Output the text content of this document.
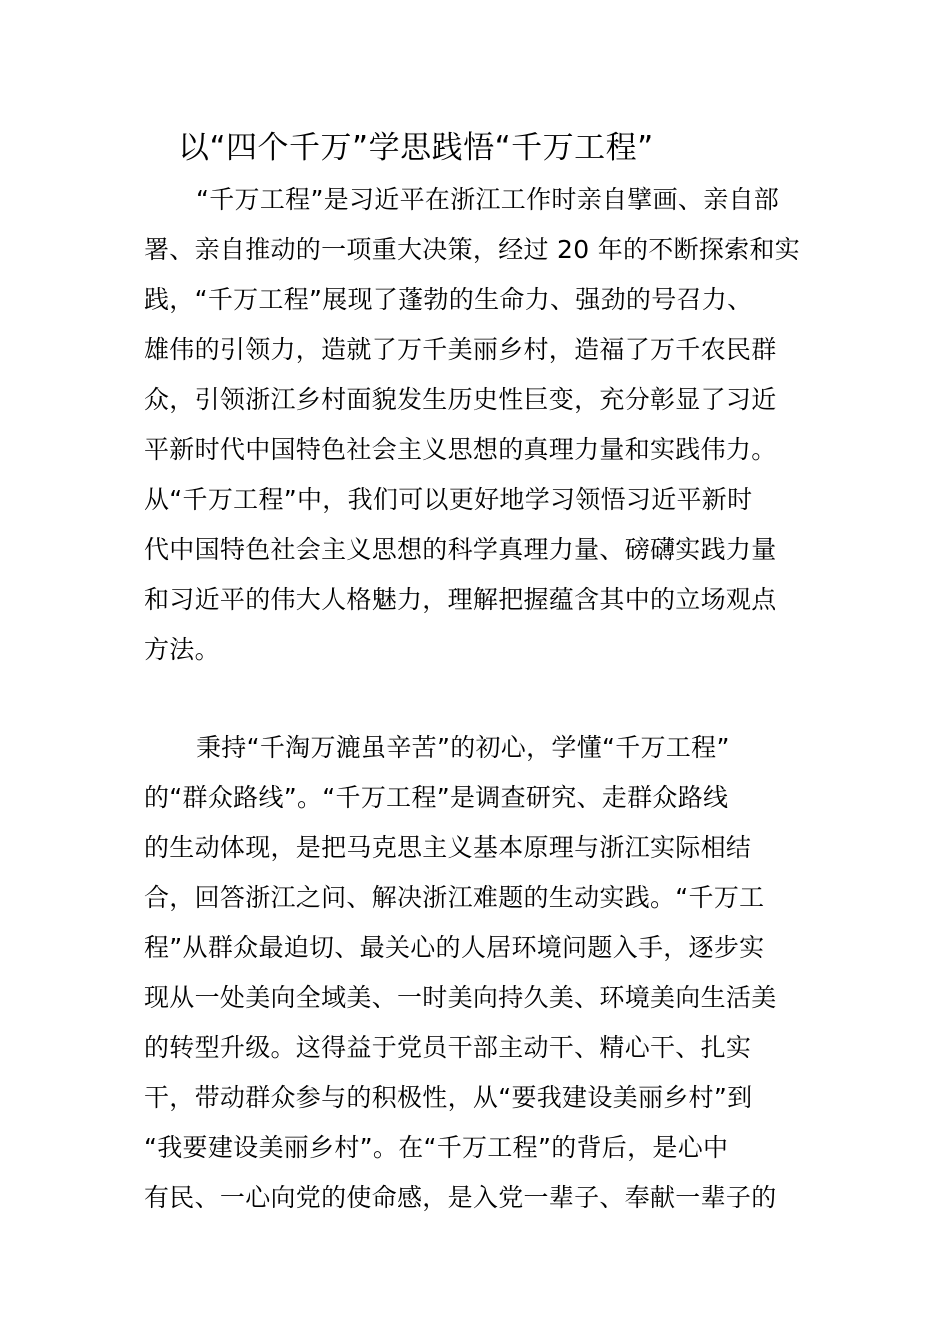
以“四个千万”学思践悟“千万工程”
“千万工程”是习近平在浙江工作时亲自擘画、亲自部
署、亲自推动的一项重大决策，经过 20 年的不断探索和实
践，“千万工程”展现了蓬勃的生命力、强劲的号召力、
雄伟的引领力，造就了万千美丽乡村，造福了万千农民群
众，引领浙江乡村面貌发生历史性巨变，充分彰显了习近
平新时代中国特色社会主义思想的真理力量和实践伟力。
从“千万工程”中，我们可以更好地学习领悟习近平新时
代中国特色社会主义思想的科学真理力量、磅礴实践力量
和习近平的伟大人格魅力，理解把握蕴含其中的立场观点
方法。
秉持“千淘万漉虽辛苦”的初心，学懂“千万工程”
的“群众路线”。“千万工程”是调查研究、走群众路线
的生动体现，是把马克思主义基本原理与浙江实际相结
合，回答浙江之问、解决浙江难题的生动实践。“千万工
程”从群众最迫切、最关心的人居环境问题入手，逐步实
现从一处美向全域美、一时美向持久美、环境美向生活美
的转型升级。这得益于党员干部主动干、精心干、扎实
干，带动群众参与的积极性，从“要我建设美丽乡村”到
“我要建设美丽乡村”。在“千万工程”的背后，是心中
有民、一心向党的使命感，是入党一辈子、奉献一辈子的
